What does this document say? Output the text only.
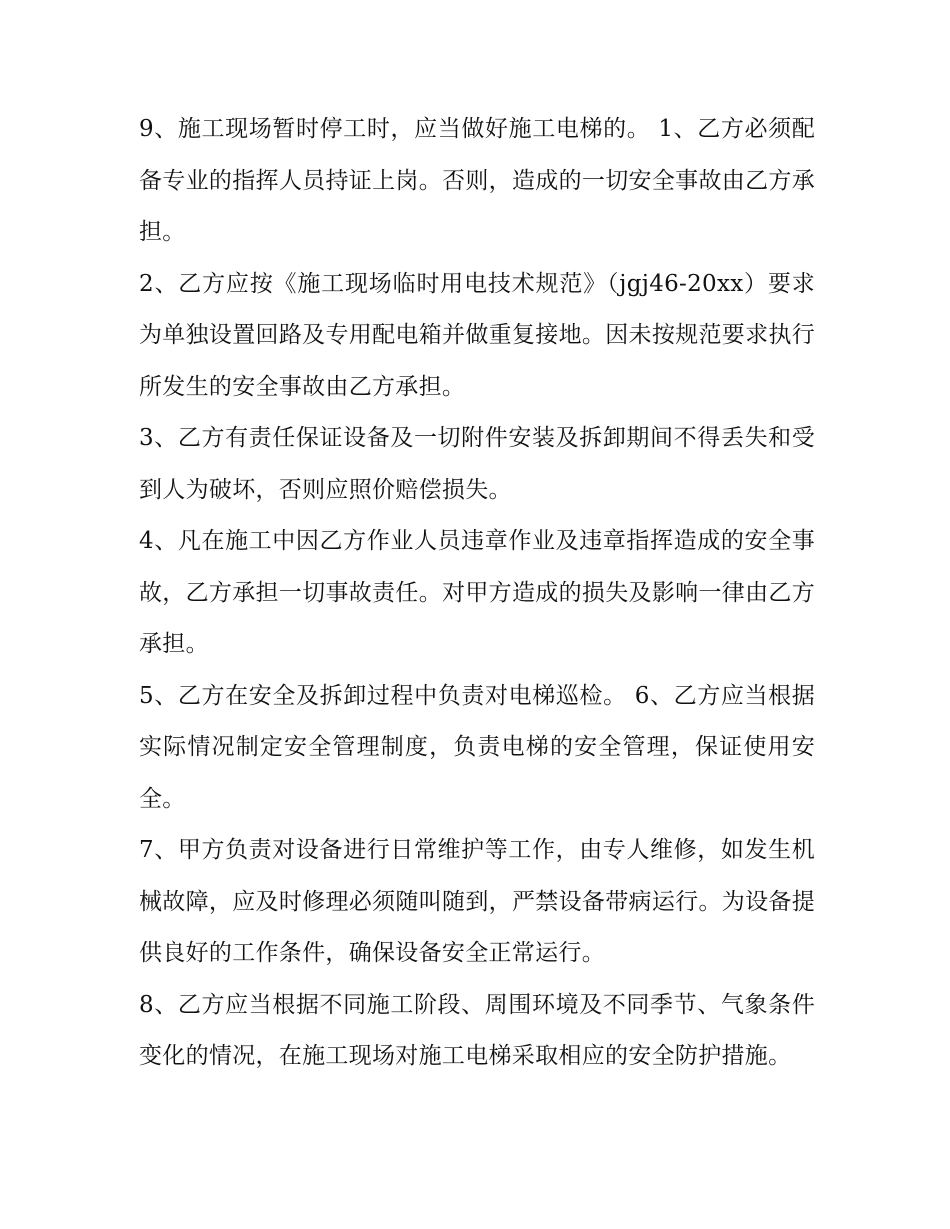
9、施工现场暂时停工时，应当做好施工电梯的。 1、乙方必须配备专业的指挥人员持证上岗。否则，造成的一切安全事故由乙方承担。

2、乙方应按《施工现场临时用电技术规范》（jgj46-20xx）要求为单独设置回路及专用配电箱并做重复接地。因未按规范要求执行所发生的安全事故由乙方承担。

3、乙方有责任保证设备及一切附件安装及拆卸期间不得丢失和受到人为破坏，否则应照价赔偿损失。

4、凡在施工中因乙方作业人员违章作业及违章指挥造成的安全事故，乙方承担一切事故责任。对甲方造成的损失及影响一律由乙方承担。

5、乙方在安全及拆卸过程中负责对电梯巡检。 6、乙方应当根据实际情况制定安全管理制度，负责电梯的安全管理，保证使用安全。

7、甲方负责对设备进行日常维护等工作，由专人维修，如发生机械故障，应及时修理必须随叫随到，严禁设备带病运行。为设备提供良好的工作条件，确保设备安全正常运行。

8、乙方应当根据不同施工阶段、周围环境及不同季节、气象条件变化的情况，在施工现场对施工电梯采取相应的安全防护措施。
